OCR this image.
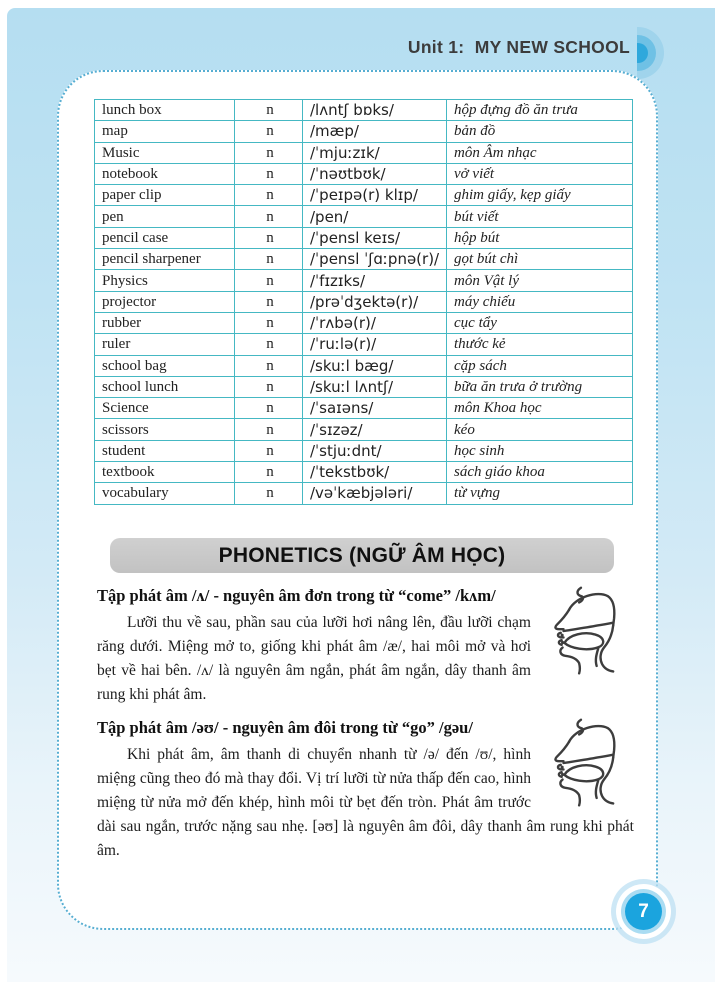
Unit 1:  MY NEW SCHOOL
lunch box	n	/lʌntʃ bɒks/	hộp đựng đồ ăn trưa
map	n	/mæp/	bản đồ
Music	n	/ˈmjuːzɪk/	môn Âm nhạc
notebook	n	/ˈnəʊtbʊk/	vở viết
paper clip	n	/ˈpeɪpə(r) klɪp/	ghim giấy, kẹp giấy
pen	n	/pen/	bút viết
pencil case	n	/ˈpensl keɪs/	hộp bút
pencil sharpener	n	/ˈpensl ˈʃɑːpnə(r)/	gọt bút chì
Physics	n	/ˈfɪzɪks/	môn Vật lý
projector	n	/prəˈdʒektə(r)/	máy chiếu
rubber	n	/ˈrʌbə(r)/	cục tẩy
ruler	n	/ˈruːlə(r)/	thước kẻ
school bag	n	/skuːl bæg/	cặp sách
school lunch	n	/skuːl lʌntʃ/	bữa ăn trưa ở trường
Science	n	/ˈsaɪəns/	môn Khoa học
scissors	n	/ˈsɪzəz/	kéo
student	n	/ˈstjuːdnt/	học sinh
textbook	n	/ˈtekstbʊk/	sách giáo khoa
vocabulary	n	/vəˈkæbjələri/	từ vựng
PHONETICS (NGỮ ÂM HỌC)
Tập phát âm /ʌ/ - nguyên âm đơn trong từ “come” /kʌm/

Lưỡi thu về sau, phần sau của lưỡi hơi nâng lên, đầu lưỡi chạm răng dưới. Miệng mở to, giống khi phát âm /æ/, hai môi mở và hơi bẹt về hai bên. /ʌ/ là nguyên âm ngắn, phát âm ngắn, dây thanh âm rung khi phát âm.

Tập phát âm /əʊ/ - nguyên âm đôi trong từ “go” /gəu/

Khi phát âm, âm thanh di chuyển nhanh từ /ə/ đến /ʊ/, hình miệng cũng theo đó mà thay đổi. Vị trí lưỡi từ nửa thấp đến cao, hình miệng từ nửa mở đến khép, hình môi từ bẹt đến tròn. Phát âm trước dài sau ngắn, trước nặng sau nhẹ. [əʊ] là nguyên âm đôi, dây thanh âm rung khi phát âm.

7
